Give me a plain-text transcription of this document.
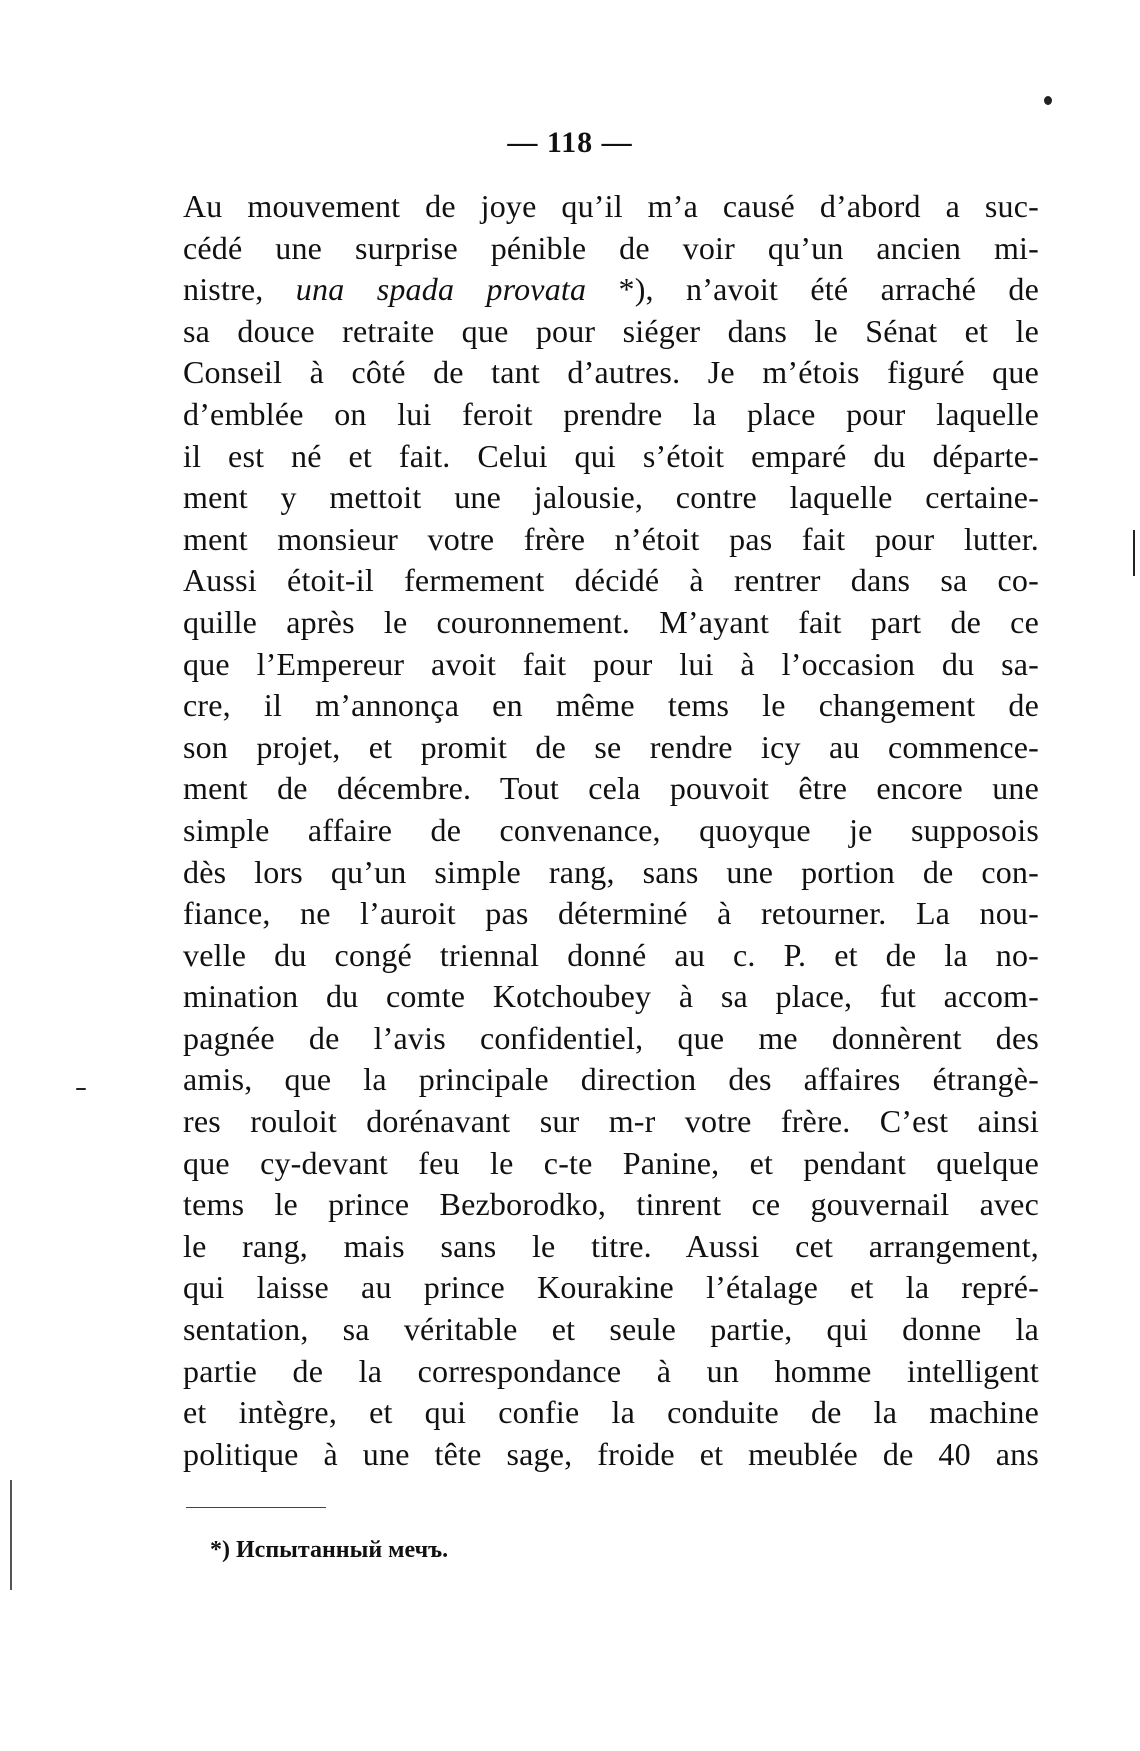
— 118 —
Au mouvement de joye qu’il m’a causé d’abord a suc-
cédé une surprise pénible de voir qu’un ancien mi-
nistre, una spada provata *), n’avoit été arraché de
sa douce retraite que pour siéger dans le Sénat et le
Conseil à côté de tant d’autres. Je m’étois figuré que
d’emblée on lui feroit prendre la place pour laquelle
il est né et fait. Celui qui s’étoit emparé du départe-
ment y mettoit une jalousie, contre laquelle certaine-
ment monsieur votre frère n’étoit pas fait pour lutter.
Aussi étoit-il fermement décidé à rentrer dans sa co-
quille après le couronnement. M’ayant fait part de ce
que l’Empereur avoit fait pour lui à l’occasion du sa-
cre, il m’annonça en même tems le changement de
son projet, et promit de se rendre icy au commence-
ment de décembre. Tout cela pouvoit être encore une
simple affaire de convenance, quoyque je supposois
dès lors qu’un simple rang, sans une portion de con-
fiance, ne l’auroit pas déterminé à retourner. La nou-
velle du congé triennal donné au c. P. et de la no-
mination du comte Kotchoubey à sa place, fut accom-
pagnée de l’avis confidentiel, que me donnèrent des
amis, que la principale direction des affaires étrangè-
res rouloit dorénavant sur m-r votre frère. C’est ainsi
que cy-devant feu le c-te Panine, et pendant quelque
tems le prince Bezborodko, tinrent ce gouvernail avec
le rang, mais sans le titre. Aussi cet arrangement,
qui laisse au prince Kourakine l’étalage et la repré-
sentation, sa véritable et seule partie, qui donne la
partie de la correspondance à un homme intelligent
et intègre, et qui confie la conduite de la machine
politique à une tête sage, froide et meublée de 40 ans
*) Испытанный мечъ.
